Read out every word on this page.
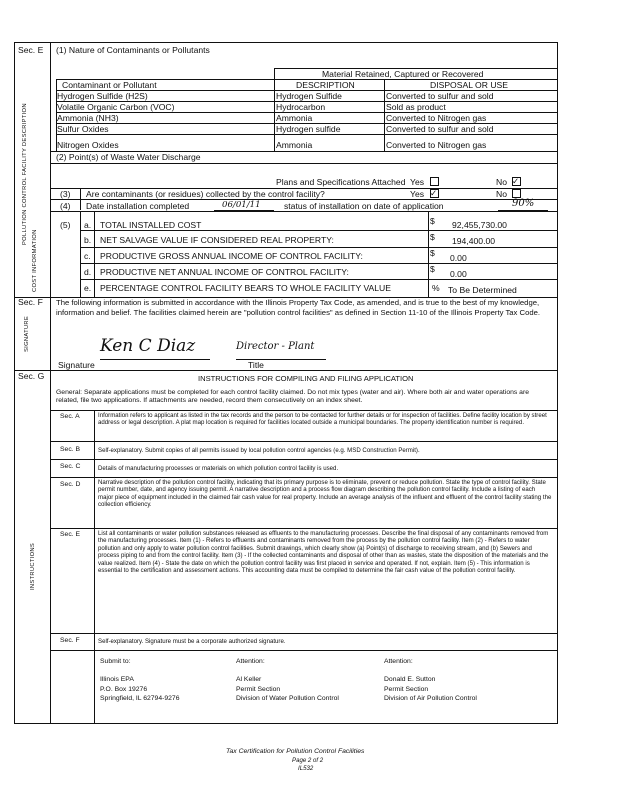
Sec. E
POLLUTION CONTROL FACILITY DESCRIPTION
COST INFORMATION
(1) Nature of Contaminants or Pollutants
Material Retained, Captured or Recovered
Contaminant or Pollutant	DESCRIPTION	DISPOSAL OR USE
Hydrogen Sulfide (H2S)	Hydrogen Sulfide	Converted to sulfur and sold
Volatile Organic Carbon (VOC)	Hydrocarbon	Sold as product
Ammonia (NH3)	Ammonia	Converted to Nitrogen gas
Sulfur Oxides	Hydrogen sulfide	Converted to sulfur and sold
Nitrogen Oxides	Ammonia	Converted to Nitrogen gas
(2) Point(s) of Waste Water Discharge
Plans and Specifications Attached Yes	No ✓
(3) Are contaminants (or residues) collected by the control facility?	Yes ✓	No
(4) Date installation completed	06/01/11	status of installation on date of application	90%
(5) a. TOTAL INSTALLED COST	$ 92,455,730.00
b. NET SALVAGE VALUE IF CONSIDERED REAL PROPERTY:	$ 194,400.00
c. PRODUCTIVE GROSS ANNUAL INCOME OF CONTROL FACILITY:	$ 0.00
d. PRODUCTIVE NET ANNUAL INCOME OF CONTROL FACILITY:	$ 0.00
e. PERCENTAGE CONTROL FACILITY BEARS TO WHOLE FACILITY VALUE	% To Be Determined
Sec. F
SIGNATURE
The following information is submitted in accordance with the Illinois Property Tax Code, as amended, and is true to the best of my knowledge, information and belief. The facilities claimed herein are "pollution control facilities" as defined in Section 11-10 of the Illinois Property Tax Code.
Ken C Diaz	Director - Plant
Signature	Title
Sec. G
INSTRUCTIONS
INSTRUCTIONS FOR COMPILING AND FILING APPLICATION
General: Separate applications must be completed for each control facility claimed. Do not mix types (water and air). Where both air and water operations are related, file two applications. If attachments are needed, record them consecutively on an index sheet.
Sec. A	Information refers to applicant as listed in the tax records and the person to be contacted for further details or for inspection of facilities. Define facility location by street address or legal description. A plat map location is required for facilities located outside a municipal boundaries. The property identification number is required.
Sec. B	Self-explanatory. Submit copies of all permits issued by local pollution control agencies (e.g. MSD Construction Permit).
Sec. C	Details of manufacturing processes or materials on which pollution control facility is used.
Sec. D	Narrative description of the pollution control facility, indicating that its primary purpose is to eliminate, prevent or reduce pollution. State the type of control facility. State permit number, date, and agency issuing permit. A narrative description and a process flow diagram describing the pollution control facility. Include a listing of each major piece of equipment included in the claimed fair cash value for real property. Include an average analysis of the influent and effluent of the control facility stating the collection efficiency.
Sec. E	List all contaminants or water pollution substances released as effluents to the manufacturing processes. Describe the final disposal of any contaminants removed from the manufacturing processes. Item (1) - Refers to effluents and contaminants removed from the process by the pollution control facility. Item (2) - Refers to water pollution and only apply to water pollution control facilities. Submit drawings, which clearly show (a) Point(s) of discharge to receiving stream, and (b) Sewers and process piping to and from the control facility. Item (3) - If the collected contaminants and disposal of other than as wastes, state the disposition of the materials and the value realized. Item (4) - State the date on which the pollution control facility was first placed in service and operated. If not, explain. Item (5) - This information is essential to the certification and assessment actions. This accounting data must be compiled to determine the fair cash value of the pollution control facility.
Sec. F	Self-explanatory. Signature must be a corporate authorized signature.
Submit to:
Illinois EPA
P.O. Box 19276
Springfield, IL 62794-9276
Attention:
Al Keller
Permit Section
Division of Water Pollution Control
Attention:
Donald E. Sutton
Permit Section
Division of Air Pollution Control
Tax Certification for Pollution Control Facilities
Page 2 of 2
IL532
